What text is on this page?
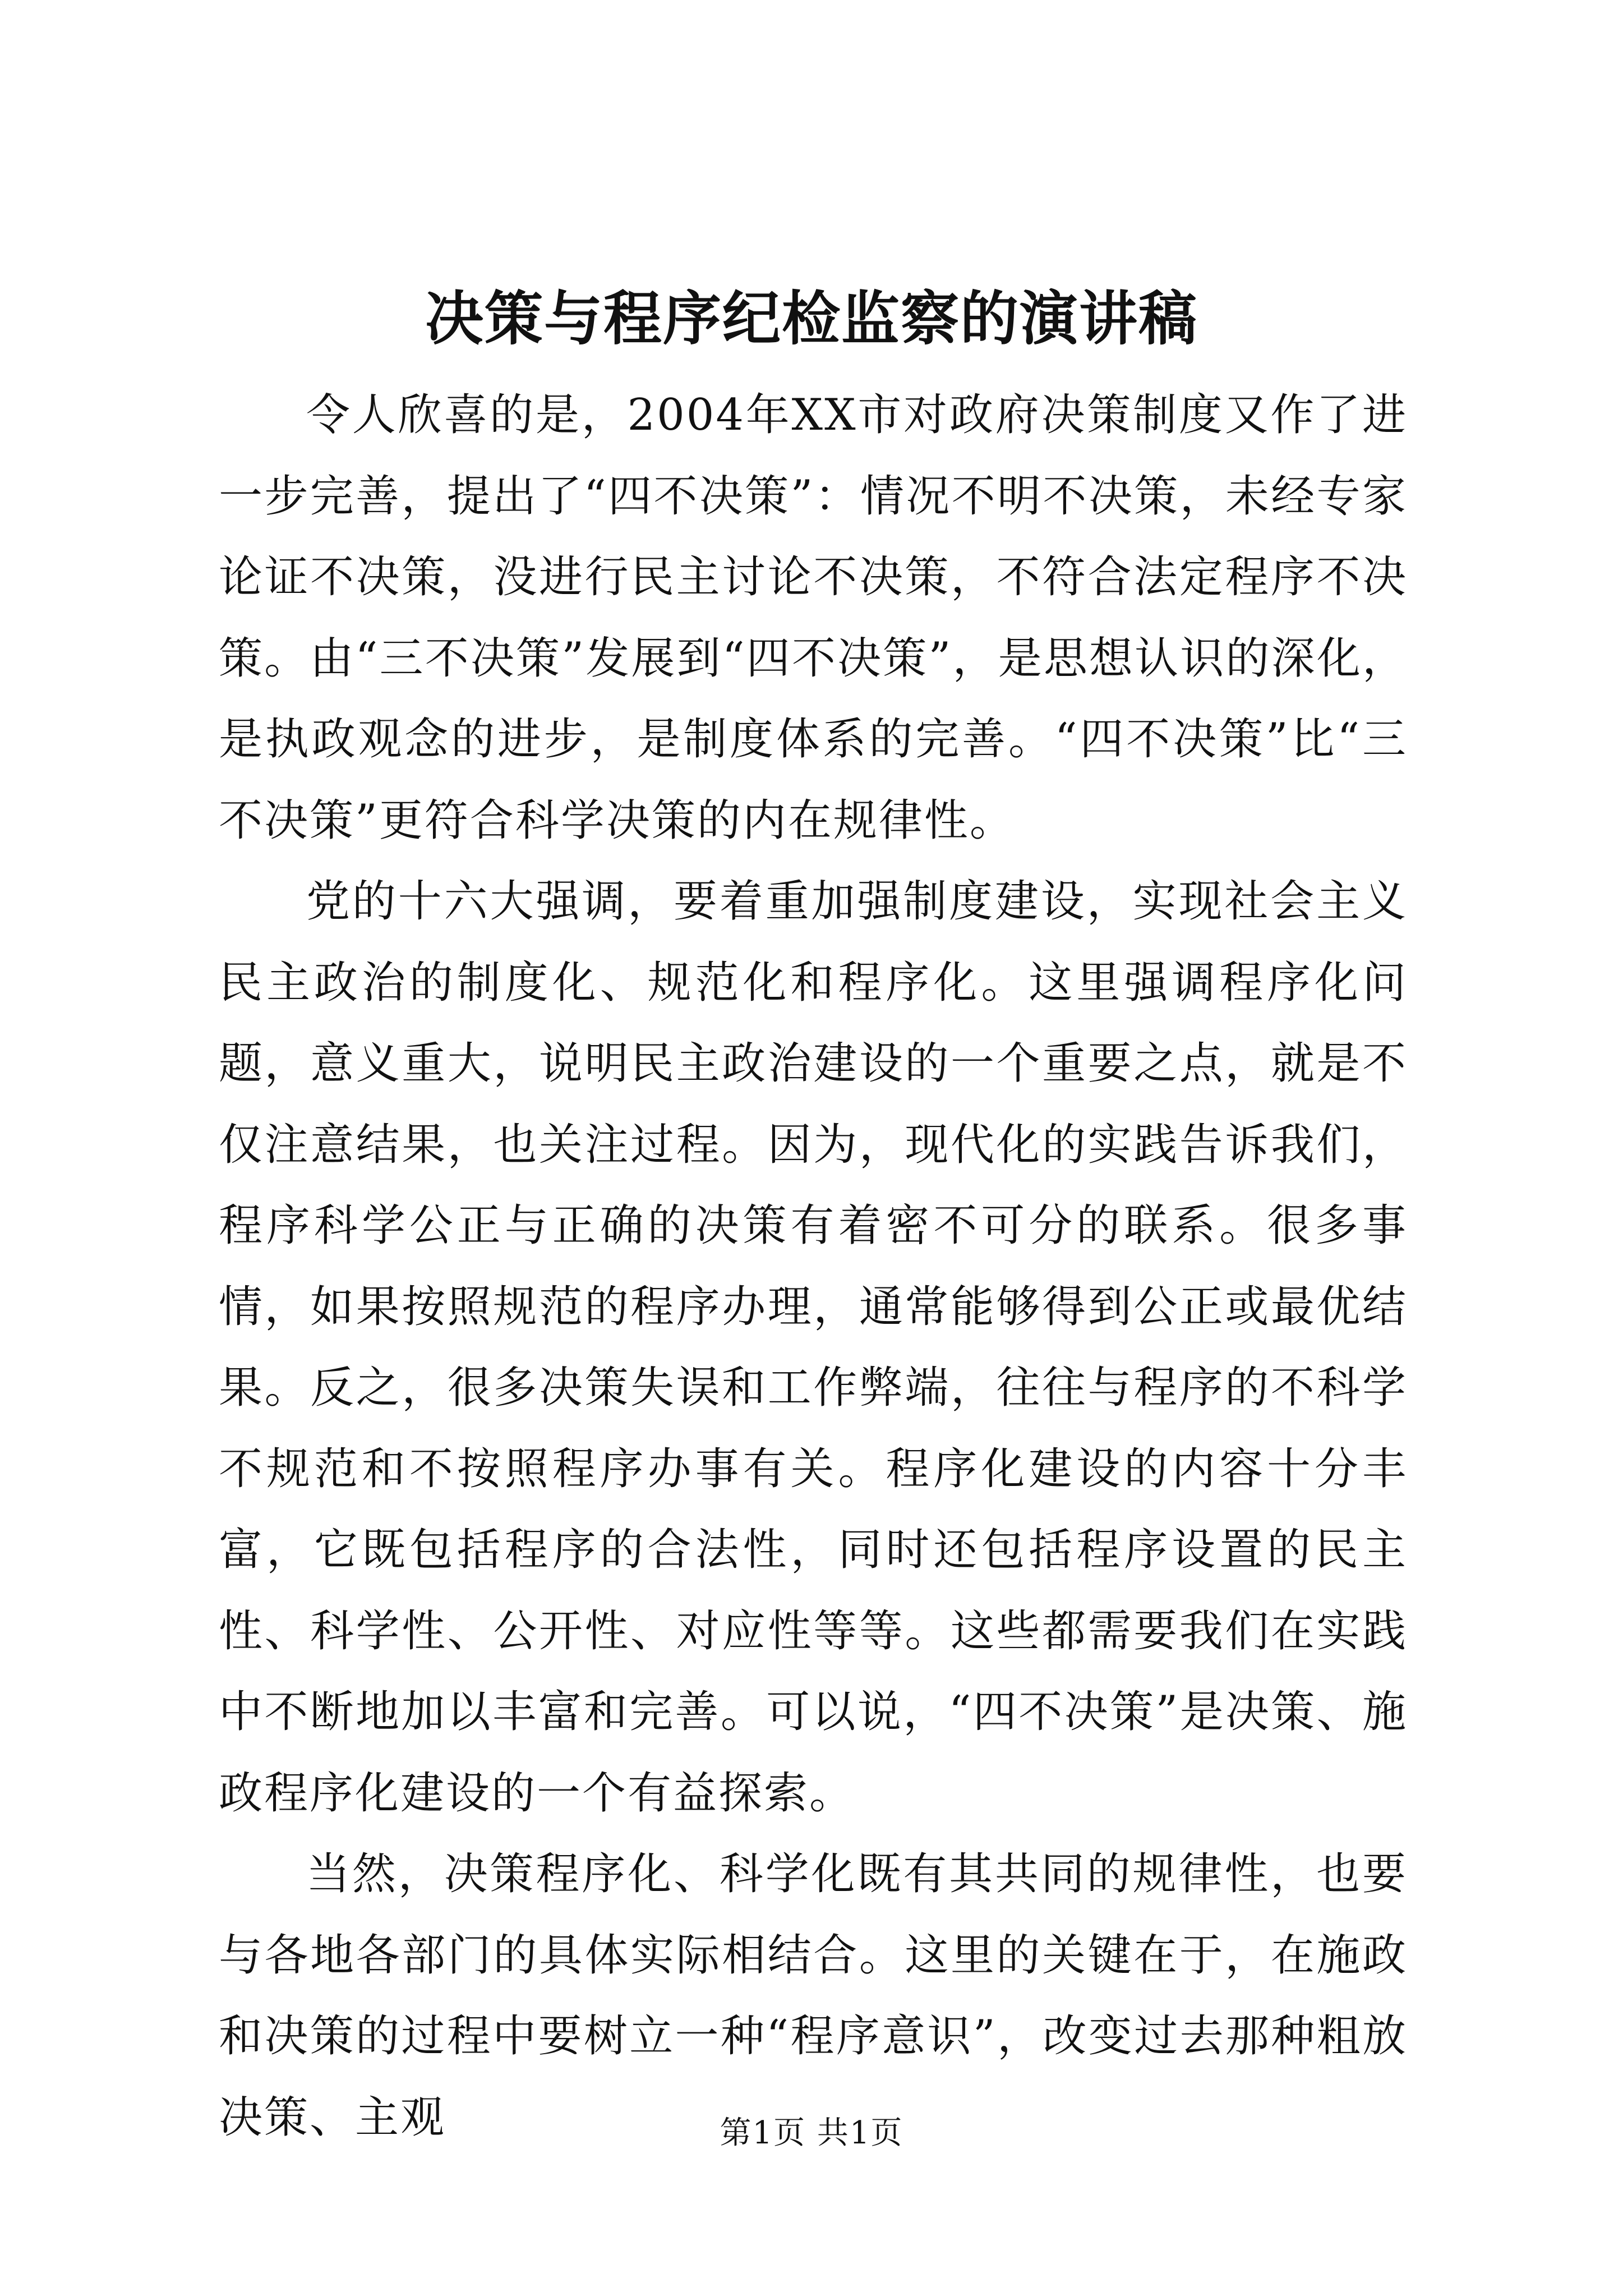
决策与程序纪检监察的演讲稿

令人欣喜的是，2004年XX市对政府决策制度又作了进一步完善，提出了“四不决策”：情况不明不决策，未经专家论证不决策，没进行民主讨论不决策，不符合法定程序不决策。由“三不决策”发展到“四不决策”，是思想认识的深化，是执政观念的进步，是制度体系的完善。“四不决策”比“三不决策”更符合科学决策的内在规律性。

党的十六大强调，要着重加强制度建设，实现社会主义民主政治的制度化、规范化和程序化。这里强调程序化问题，意义重大，说明民主政治建设的一个重要之点，就是不仅注意结果，也关注过程。因为，现代化的实践告诉我们，程序科学公正与正确的决策有着密不可分的联系。很多事情，如果按照规范的程序办理，通常能够得到公正或最优结果。反之，很多决策失误和工作弊端，往往与程序的不科学不规范和不按照程序办事有关。程序化建设的内容十分丰富，它既包括程序的合法性，同时还包括程序设置的民主性、科学性、公开性、对应性等等。这些都需要我们在实践中不断地加以丰富和完善。可以说，“四不决策”是决策、施政程序化建设的一个有益探索。

当然，决策程序化、科学化既有其共同的规律性，也要与各地各部门的具体实际相结合。这里的关键在于，在施政和决策的过程中要树立一种“程序意识”，改变过去那种粗放决策、主观	第1页 共1页
